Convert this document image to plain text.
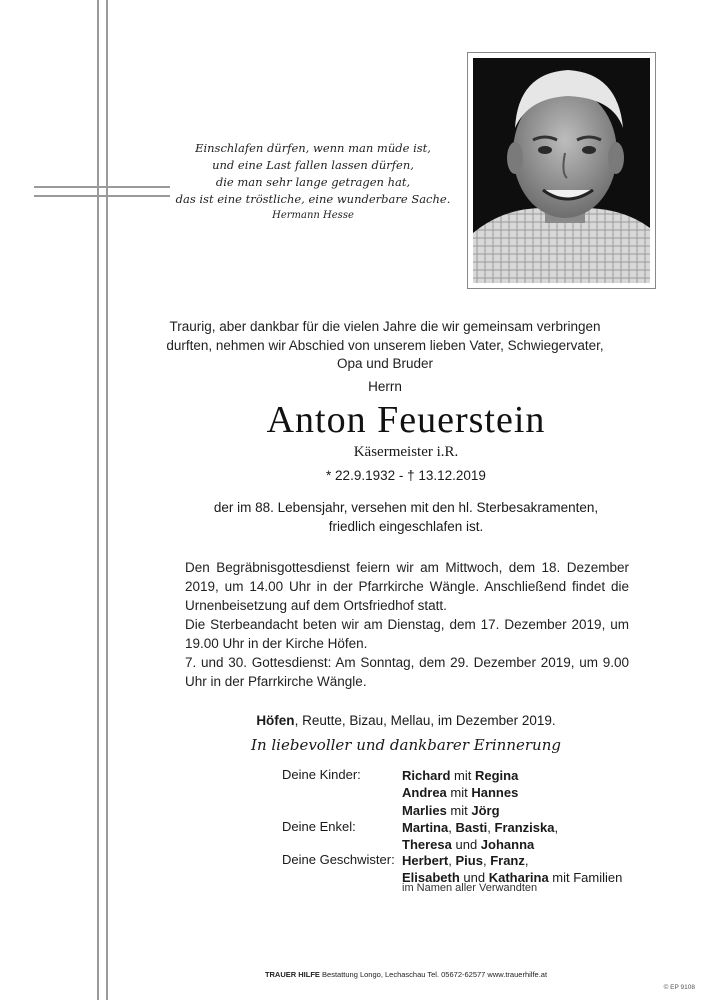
Einschlafen dürfen, wenn man müde ist,
und eine Last fallen lassen dürfen,
die man sehr lange getragen hat,
das ist eine tröstliche, eine wunderbare Sache.
Hermann Hesse
Traurig, aber dankbar für die vielen Jahre die wir gemeinsam verbringen
durften, nehmen wir Abschied von unserem lieben Vater, Schwiegervater,
Opa und Bruder
Herrn
Anton Feuerstein
Käsermeister i.R.
* 22.9.1932 - † 13.12.2019
der im 88. Lebensjahr, versehen mit den hl. Sterbesakramenten,
friedlich eingeschlafen ist.
Den Begräbnisgottesdienst feiern wir am Mittwoch, dem 18. Dezember 2019, um 14.00 Uhr in der Pfarrkirche Wängle. Anschließend findet die Urnenbeisetzung auf dem Ortsfriedhof statt.
Die Sterbeandacht beten wir am Dienstag, dem 17. Dezember 2019, um 19.00 Uhr in der Kirche Höfen.
7. und 30. Gottesdienst: Am Sonntag, dem 29. Dezember 2019, um 9.00 Uhr in der Pfarrkirche Wängle.
Höfen, Reutte, Bizau, Mellau, im Dezember 2019.
In liebevoller und dankbarer Erinnerung
Deine Kinder:	Richard mit Regina
Andrea mit Hannes
Marlies mit Jörg
Deine Enkel:	Martina, Basti, Franziska,
Theresa und Johanna
Deine Geschwister: Herbert, Pius, Franz,
Elisabeth und Katharina mit Familien
im Namen aller Verwandten
TRAUER HILFE Bestattung Longo, Lechaschau Tel. 05672-62577 www.trauerhilfe.at
© EP 9108
